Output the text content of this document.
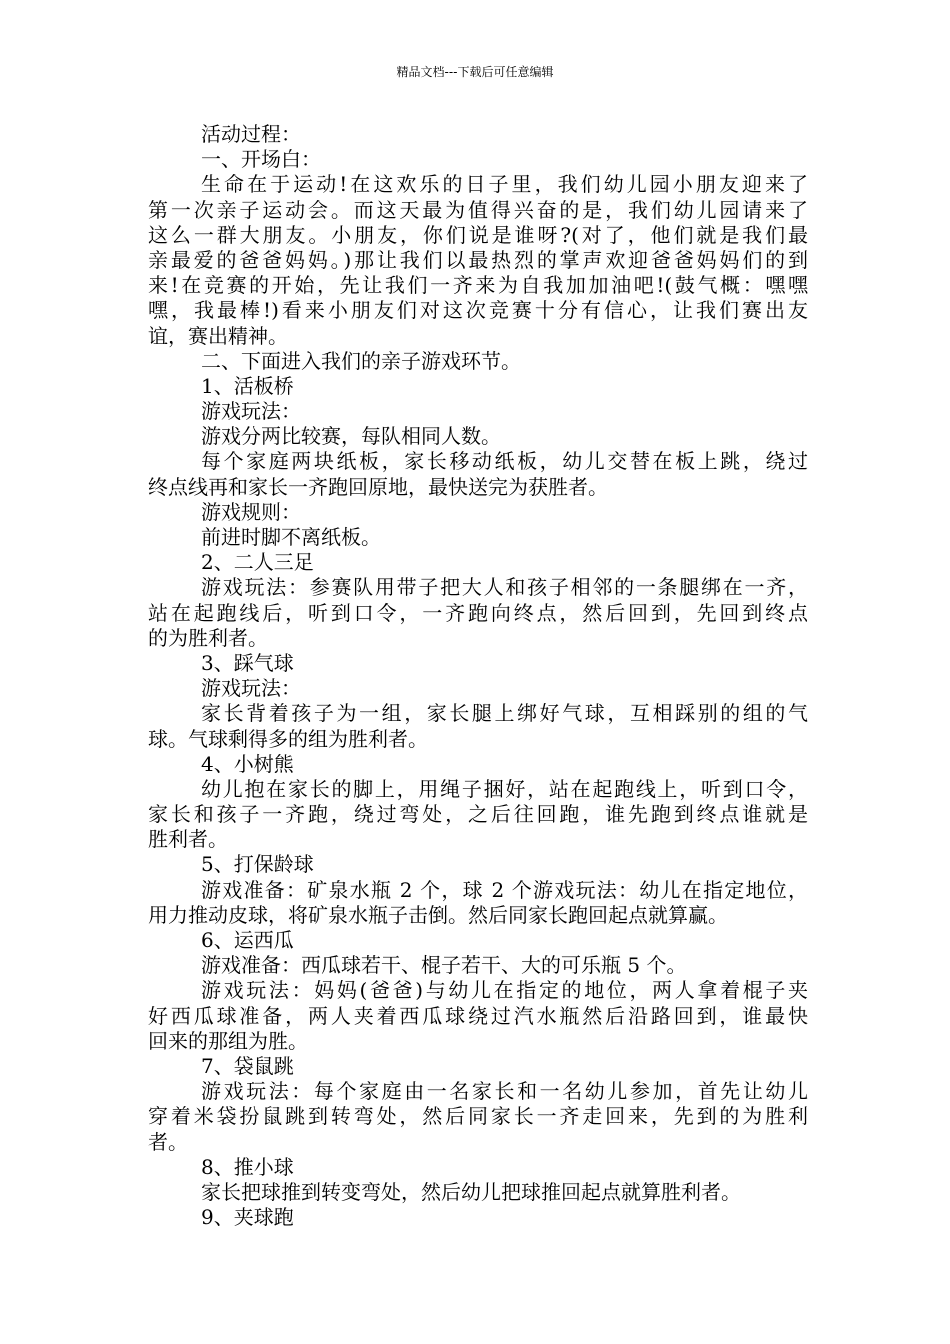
精品文档---下载后可任意编辑
活动过程：
一、开场白：
生命在于运动!在这欢乐的日子里，我们幼儿园小朋友迎来了
第一次亲子运动会。而这天最为值得兴奋的是，我们幼儿园请来了
这么一群大朋友。小朋友，你们说是谁呀?(对了，他们就是我们最
亲最爱的爸爸妈妈。)那让我们以最热烈的掌声欢迎爸爸妈妈们的到
来!在竞赛的开始，先让我们一齐来为自我加加油吧!(鼓气概：嘿嘿
嘿，我最棒!)看来小朋友们对这次竞赛十分有信心，让我们赛出友
谊，赛出精神。
二、下面进入我们的亲子游戏环节。
1、活板桥
游戏玩法：
游戏分两比较赛，每队相同人数。
每个家庭两块纸板，家长移动纸板，幼儿交替在板上跳，绕过
终点线再和家长一齐跑回原地，最快送完为获胜者。
游戏规则：
前进时脚不离纸板。
2、二人三足
游戏玩法：参赛队用带子把大人和孩子相邻的一条腿绑在一齐，
站在起跑线后，听到口令，一齐跑向终点，然后回到，先回到终点
的为胜利者。
3、踩气球
游戏玩法：
家长背着孩子为一组，家长腿上绑好气球，互相踩别的组的气
球。气球剩得多的组为胜利者。
4、小树熊
幼儿抱在家长的脚上，用绳子捆好，站在起跑线上，听到口令，
家长和孩子一齐跑，绕过弯处，之后往回跑，谁先跑到终点谁就是
胜利者。
5、打保龄球
游戏准备：矿泉水瓶 2 个，球 2 个游戏玩法：幼儿在指定地位，
用力推动皮球，将矿泉水瓶子击倒。然后同家长跑回起点就算赢。
6、运西瓜
游戏准备：西瓜球若干、棍子若干、大的可乐瓶 5 个。
游戏玩法：妈妈(爸爸)与幼儿在指定的地位，两人拿着棍子夹
好西瓜球准备，两人夹着西瓜球绕过汽水瓶然后沿路回到，谁最快
回来的那组为胜。
7、袋鼠跳
游戏玩法：每个家庭由一名家长和一名幼儿参加，首先让幼儿
穿着米袋扮鼠跳到转弯处，然后同家长一齐走回来，先到的为胜利
者。
8、推小球
家长把球推到转变弯处，然后幼儿把球推回起点就算胜利者。
9、夹球跑
